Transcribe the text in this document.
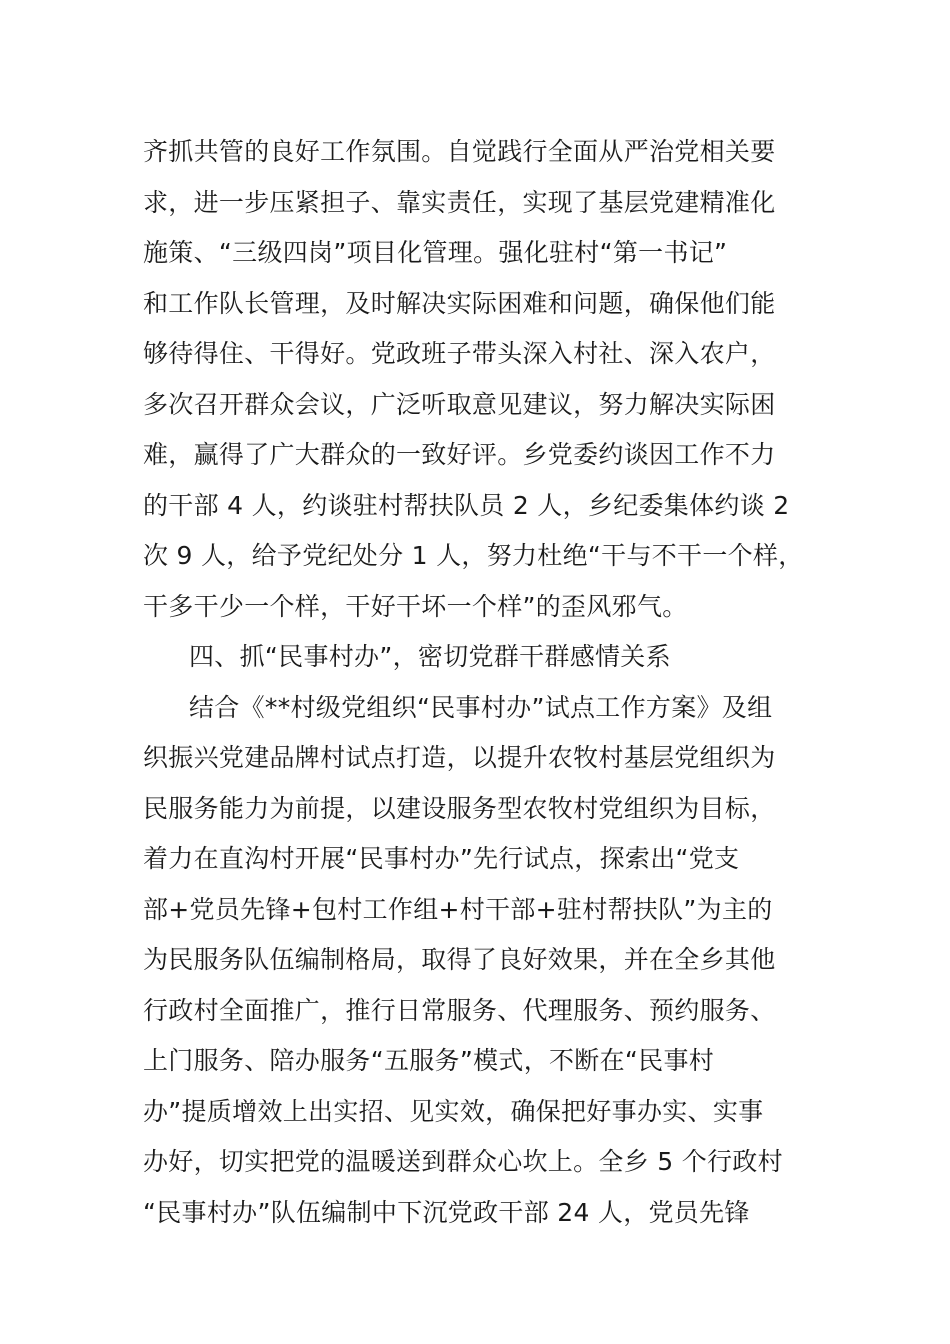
齐抓共管的良好工作氛围。自觉践行全面从严治党相关要
求，进一步压紧担子、靠实责任，实现了基层党建精准化
施策、“三级四岗”项目化管理。强化驻村“第一书记”
和工作队长管理，及时解决实际困难和问题，确保他们能
够待得住、干得好。党政班子带头深入村社、深入农户，
多次召开群众会议，广泛听取意见建议，努力解决实际困
难，赢得了广大群众的一致好评。乡党委约谈因工作不力
的干部 4 人，约谈驻村帮扶队员 2 人，乡纪委集体约谈 2
次 9 人，给予党纪处分 1 人，努力杜绝“干与不干一个样，
干多干少一个样，干好干坏一个样”的歪风邪气。
四、抓“民事村办”，密切党群干群感情关系
结合《**村级党组织“民事村办”试点工作方案》及组
织振兴党建品牌村试点打造，以提升农牧村基层党组织为
民服务能力为前提，以建设服务型农牧村党组织为目标，
着力在直沟村开展“民事村办”先行试点，探索出“党支
部+党员先锋+包村工作组+村干部+驻村帮扶队”为主的
为民服务队伍编制格局，取得了良好效果，并在全乡其他
行政村全面推广，推行日常服务、代理服务、预约服务、
上门服务、陪办服务“五服务”模式，不断在“民事村
办”提质增效上出实招、见实效，确保把好事办实、实事
办好，切实把党的温暖送到群众心坎上。全乡 5 个行政村
“民事村办”队伍编制中下沉党政干部 24 人，党员先锋
